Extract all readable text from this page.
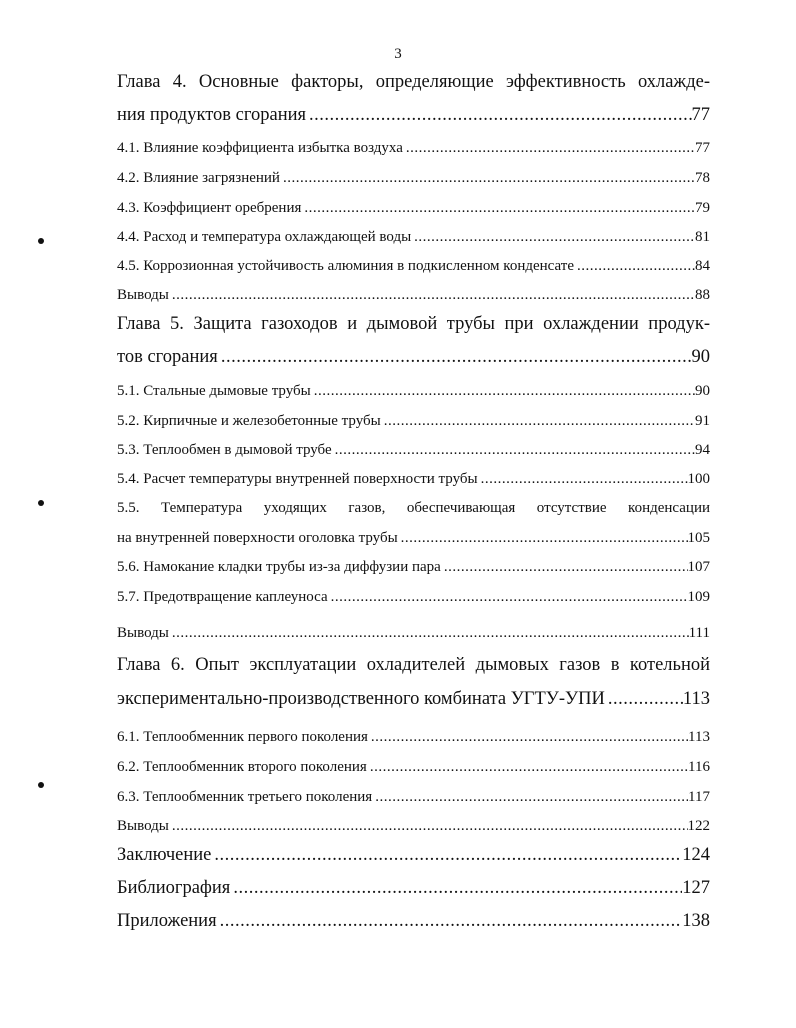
3
Глава 4. Основные факторы, определяющие эффективность охлажде-
ния продуктов сгорания .....	77
4.1. Влияние коэффициента избытка воздуха .....	77
4.2. Влияние загрязнений .....	78
4.3. Коэффициент оребрения .....	79
4.4. Расход и температура охлаждающей воды .....	81
4.5. Коррозионная устойчивость алюминия в подкисленном конденсате .....	84
Выводы .....	88
Глава 5. Защита газоходов и дымовой трубы при охлаждении продук-
тов сгорания .....	90
5.1. Стальные дымовые трубы .....	90
5.2. Кирпичные и железобетонные трубы .....	91
5.3. Теплообмен в дымовой трубе .....	94
5.4. Расчет температуры внутренней поверхности трубы .....	100
5.5. Температура уходящих газов, обеспечивающая отсутствие конденсации
на внутренней поверхности оголовка трубы .....	105
5.6. Намокание кладки трубы из-за диффузии пара .....	107
5.7. Предотвращение каплеуноса .....	109
Выводы .....	111
Глава 6. Опыт эксплуатации охладителей дымовых газов в котельной
экспериментально-производственного комбината УГТУ-УПИ .....	113
6.1. Теплообменник первого поколения .....	113
6.2. Теплообменник второго поколения .....	116
6.3. Теплообменник третьего поколения .....	117
Выводы .....	122
Заключение .....	124
Библиография .....	127
Приложения .....	138
